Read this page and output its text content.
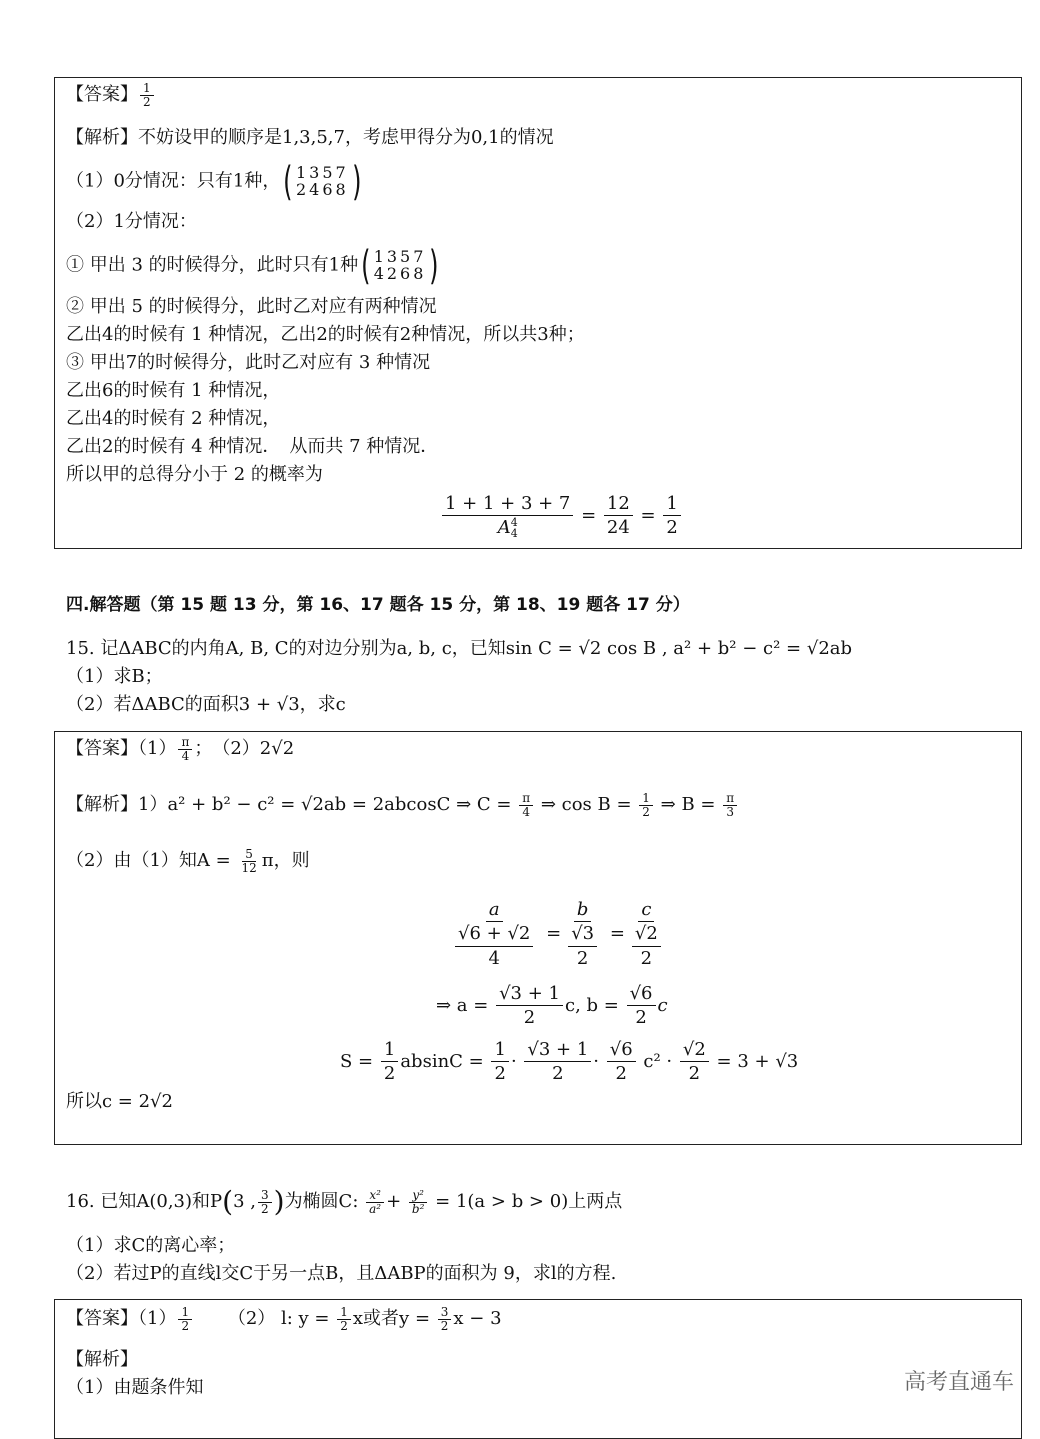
【答案】 $\frac{1}{2}$
【解析】不妨设甲的顺序是1,3,5,7，考虑甲得分为0,1的情况
（1）0分情况：只有1种， ( 1357
2468 )
（2）1分情况：
① 甲出 3 的时候得分，此时只有1种 ( 1357
4268 )
② 甲出 5 的时候得分，此时乙对应有两种情况
乙出4的时候有 1 种情况，乙出2的时候有2种情况，所以共3种；
③ 甲出7的时候得分，此时乙对应有 3 种情况
乙出6的时候有 1 种情况，
乙出4的时候有 2 种情况，
乙出2的时候有 4 种情况．　从而共 7 种情况．
所以甲的总得分小于 2 的概率为
1 + 1 + 3 + 7
A 4
$4 = \frac{12}{24} = \frac{1}{2}$
四.解答题（第 15 题 13 分，第 16、17 题各 15 分，第 18、19 题各 17 分）
15. 记ΔABC的内角A, B, C的对边分别为a, b, c，已知sin C = √2 cos B , a² + b² − c² = √2ab
（1）求B；
（2）若ΔABC的面积3 + √3，求c
【答案】$(1) \frac{\pi}{4}$ ；　（2）2√2
【解析】1）a² + b² − c² = √2ab = 2abcosC ⇒ $C = \frac{\pi}{4}$ ⇒ $\cos B = \frac{1}{2}$ ⇒ $B = \frac{\pi}{3}$
（2）由（1）知$A = \frac{5}{12}$ π，则
a
√6 + √2
4 = b
√3
2 = c
√2
2
⇒ $a = \frac{√3 + 1}{2} c$, $b = \frac{√6}{2}$ c
$S = \frac{1}{2}$ $absinC = \frac{1}{2} \cdot \frac{√3 + 1}{2} \cdot \frac{√6}{2} c^2 \cdot \frac{√2}{2} = 3 + √3$
所以c = 2√2
16. 已知A(0,3)和P(3 , $\frac{3}{2}$ )为椭圆C: $\frac{\text{x²}}{\text{a²}} + \frac{\text{y²}}{\text{b²}} = 1(a > b > 0)$上两点
（1）求C的离心率；
（2）若过P的直线l交C于另一点B，且ΔABP的面积为 9，求l的方程.
【答案】$(1) \frac{1}{2} (2)$ l: $y = \frac{1}{2}$ x或者$y = \frac{3}{2}$ x − 3
【解析】
（1）由题条件知	高考直通车
